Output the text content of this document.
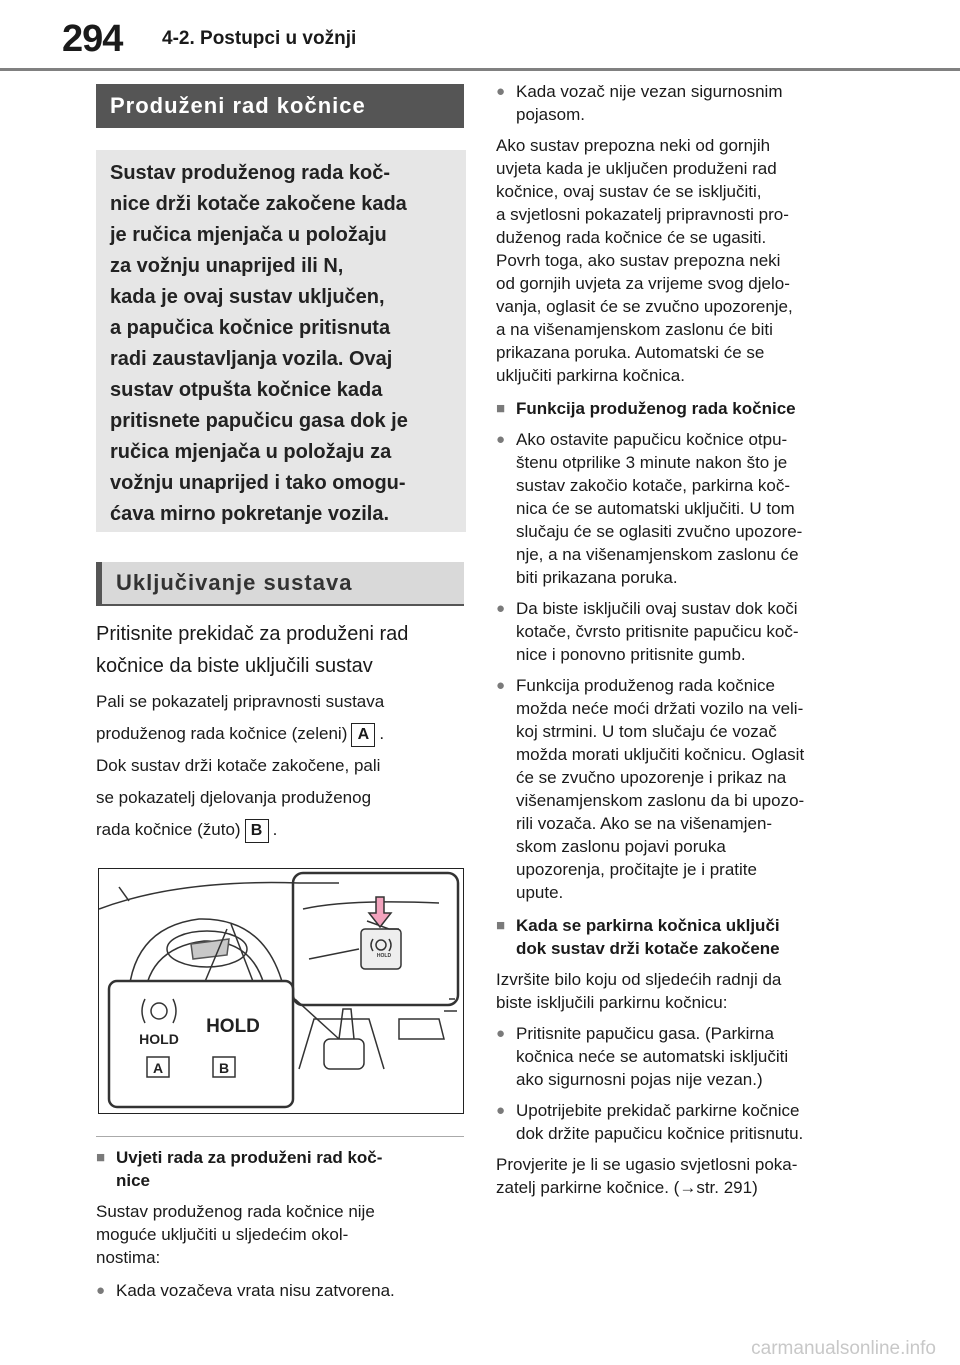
294 4-2. Postupci u vožnji
Produženi rad kočnice

Sustav produženog rada koč-

nice drži kotače zakočene kada

je ručica mjenjača u položaju

za vožnju unaprijed ili N,

kada je ovaj sustav uključen,

a papučica kočnice pritisnuta

radi zaustavljanja vozila. Ovaj

sustav otpušta kočnice kada

pritisnete papučicu gasa dok je

ručica mjenjača u položaju za

vožnju unaprijed i tako omogu-

ćava mirno pokretanje vozila.

Uključivanje sustava
Pritisnite prekidač za produženi rad
kočnice da biste uključili sustav
Pali se pokazatelj pripravnosti sustava
produženog rada kočnice (zeleni) A .
Dok sustav drži kotače zakočene, pali
se pokazatelj djelovanja produženog
rada kočnice (žuto) B .
HOLD
HOLD
HOLD
A	B
■ Uvjeti rada za produženi rad koč-
nice

Sustav produženog rada kočnice nije

moguće uključiti u sljedećim okol-

nostima:

● Kada vozačeva vrata nisu zatvorena.

● Kada vozač nije vezan sigurnosnim

pojasom.

Ako sustav prepozna neki od gornjih

uvjeta kada je uključen produženi rad

kočnice, ovaj sustav će se isključiti,

a svjetlosni pokazatelj pripravnosti pro-

duženog rada kočnice će se ugasiti.

Povrh toga, ako sustav prepozna neki

od gornjih uvjeta za vrijeme svog djelo-

vanja, oglasit će se zvučno upozorenje,

a na višenamjenskom zaslonu će biti

prikazana poruka. Automatski će se

uključiti parkirna kočnica.

■ Funkcija produženog rada kočnice

● Ako ostavite papučicu kočnice otpu-

štenu otprilike 3 minute nakon što je

sustav zakočio kotače, parkirna koč-

nica će se automatski uključiti. U tom

slučaju će se oglasiti zvučno upozore-

nje, a na višenamjenskom zaslonu će

biti prikazana poruka.

● Da biste isključili ovaj sustav dok koči

kotače, čvrsto pritisnite papučicu koč-

nice i ponovno pritisnite gumb.

● Funkcija produženog rada kočnice

možda neće moći držati vozilo na veli-

koj strmini. U tom slučaju će vozač

možda morati uključiti kočnicu. Oglasit

će se zvučno upozorenje i prikaz na

višenamjenskom zaslonu da bi upozo-

rili vozača. Ako se na višenamjen-

skom zaslonu pojavi poruka

upozorenja, pročitajte je i pratite

upute.

■ Kada se parkirna kočnica uključi

dok sustav drži kotače zakočene

Izvršite bilo koju od sljedećih radnji da

biste isključili parkirnu kočnicu:

● Pritisnite papučicu gasa. (Parkirna

kočnica neće se automatski isključiti

ako sigurnosni pojas nije vezan.)

● Upotrijebite prekidač parkirne kočnice

dok držite papučicu kočnice pritisnutu.

Provjerite je li se ugasio svjetlosni poka-

zatelj parkirne kočnice. (→str. 291)

carmanualsonline.info
